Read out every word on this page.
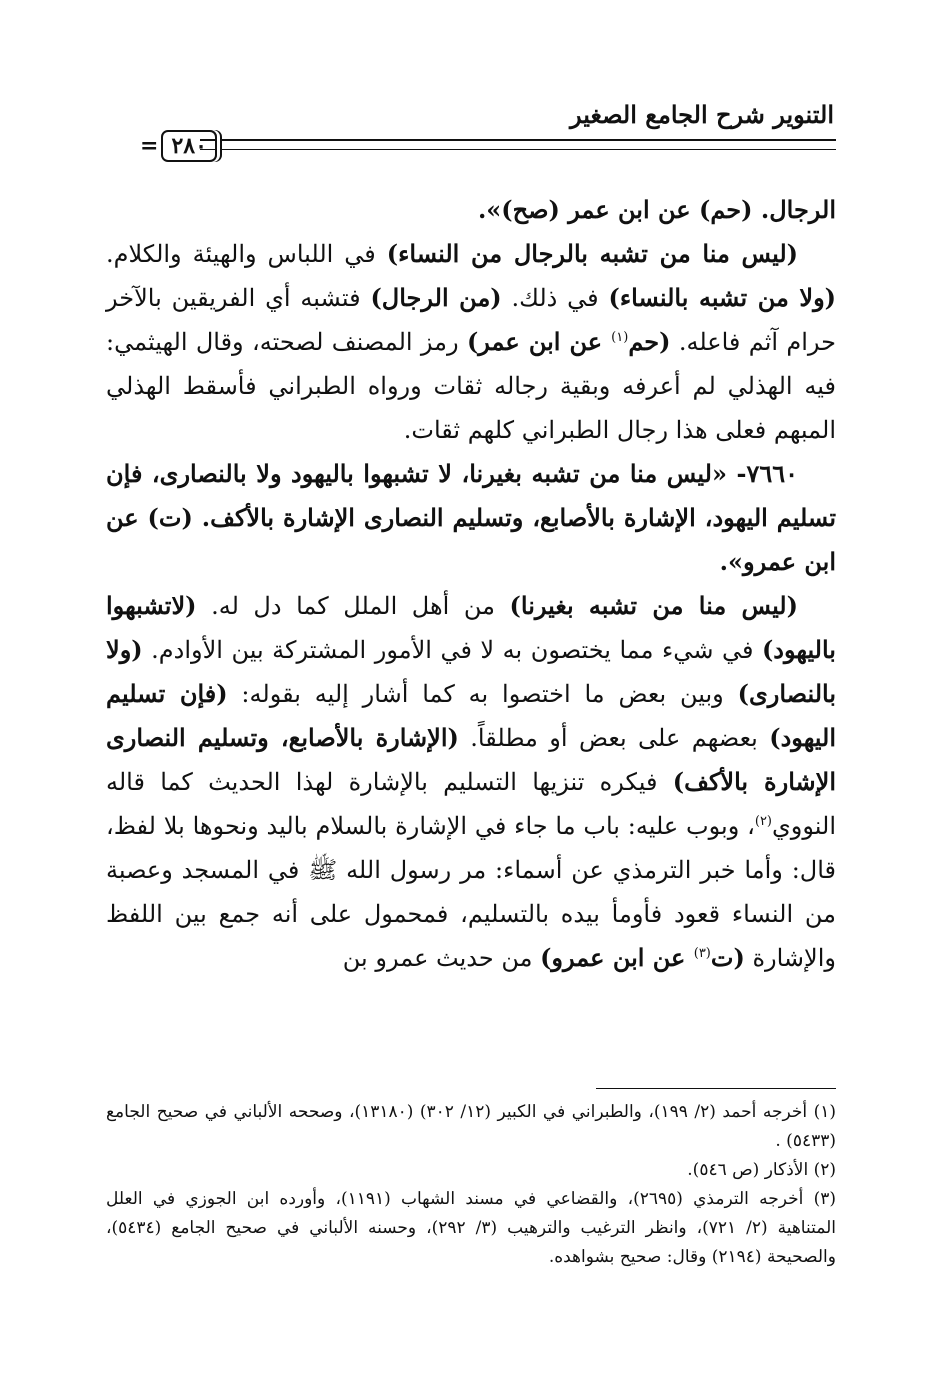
التنوير شرح الجامع الصغير
= ٢٨٠

الرجال. (حم) عن ابن عمر (صح)».

(ليس منا من تشبه بالرجال من النساء) في اللباس والهيئة والكلام. (ولا من تشبه بالنساء) في ذلك. (من الرجال) فتشبه أي الفريقين بالآخر حرام آثم فاعله. (حم$^{(١)}$ عن ابن عمر) رمز المصنف لصحته، وقال الهيثمي: فيه الهذلي لم أعرفه وبقية رجاله ثقات ورواه الطبراني فأسقط الهذلي المبهم فعلى هذا رجال الطبراني كلهم ثقات.

٧٦٦٠- «ليس منا من تشبه بغيرنا، لا تشبهوا باليهود ولا بالنصارى، فإن تسليم اليهود، الإشارة بالأصابع، وتسليم النصارى الإشارة بالأكف. (ت) عن ابن عمرو».

(ليس منا من تشبه بغيرنا) من أهل الملل كما دل له. (لاتشبهوا باليهود) في شيء مما يختصون به لا في الأمور المشتركة بين الأوادم. (ولا بالنصارى) وبين بعض ما اختصوا به كما أشار إليه بقوله: (فإن تسليم اليهود) بعضهم على بعض أو مطلقاً. (الإشارة بالأصابع، وتسليم النصارى الإشارة بالأكف) فيكره تنزيها التسليم بالإشارة لهذا الحديث كما قاله النووي$^{(٢)}$، وبوب عليه: باب ما جاء في الإشارة بالسلام باليد ونحوها بلا لفظ، قال: وأما خبر الترمذي عن أسماء: مر رسول الله ﷺ في المسجد وعصبة من النساء قعود فأومأ بيده بالتسليم، فمحمول على أنه جمع بين اللفظ والإشارة (ت$^{(٣)}$ عن ابن عمرو) من حديث عمرو بن

(١) أخرجه أحمد (٢/ ١٩٩)، والطبراني في الكبير (١٢/ ٣٠٢) (١٣١٨٠)، وصححه الألباني في صحيح الجامع (٥٤٣٣) .

(٢) الأذكار (ص ٥٤٦).

(٣) أخرجه الترمذي (٢٦٩٥)، والقضاعي في مسند الشهاب (١١٩١)، وأورده ابن الجوزي في العلل المتناهية (٢/ ٧٢١)، وانظر الترغيب والترهيب (٣/ ٢٩٢)، وحسنه الألباني في صحيح الجامع (٥٤٣٤)، والصحيحة (٢١٩٤) وقال: صحيح بشواهده.
